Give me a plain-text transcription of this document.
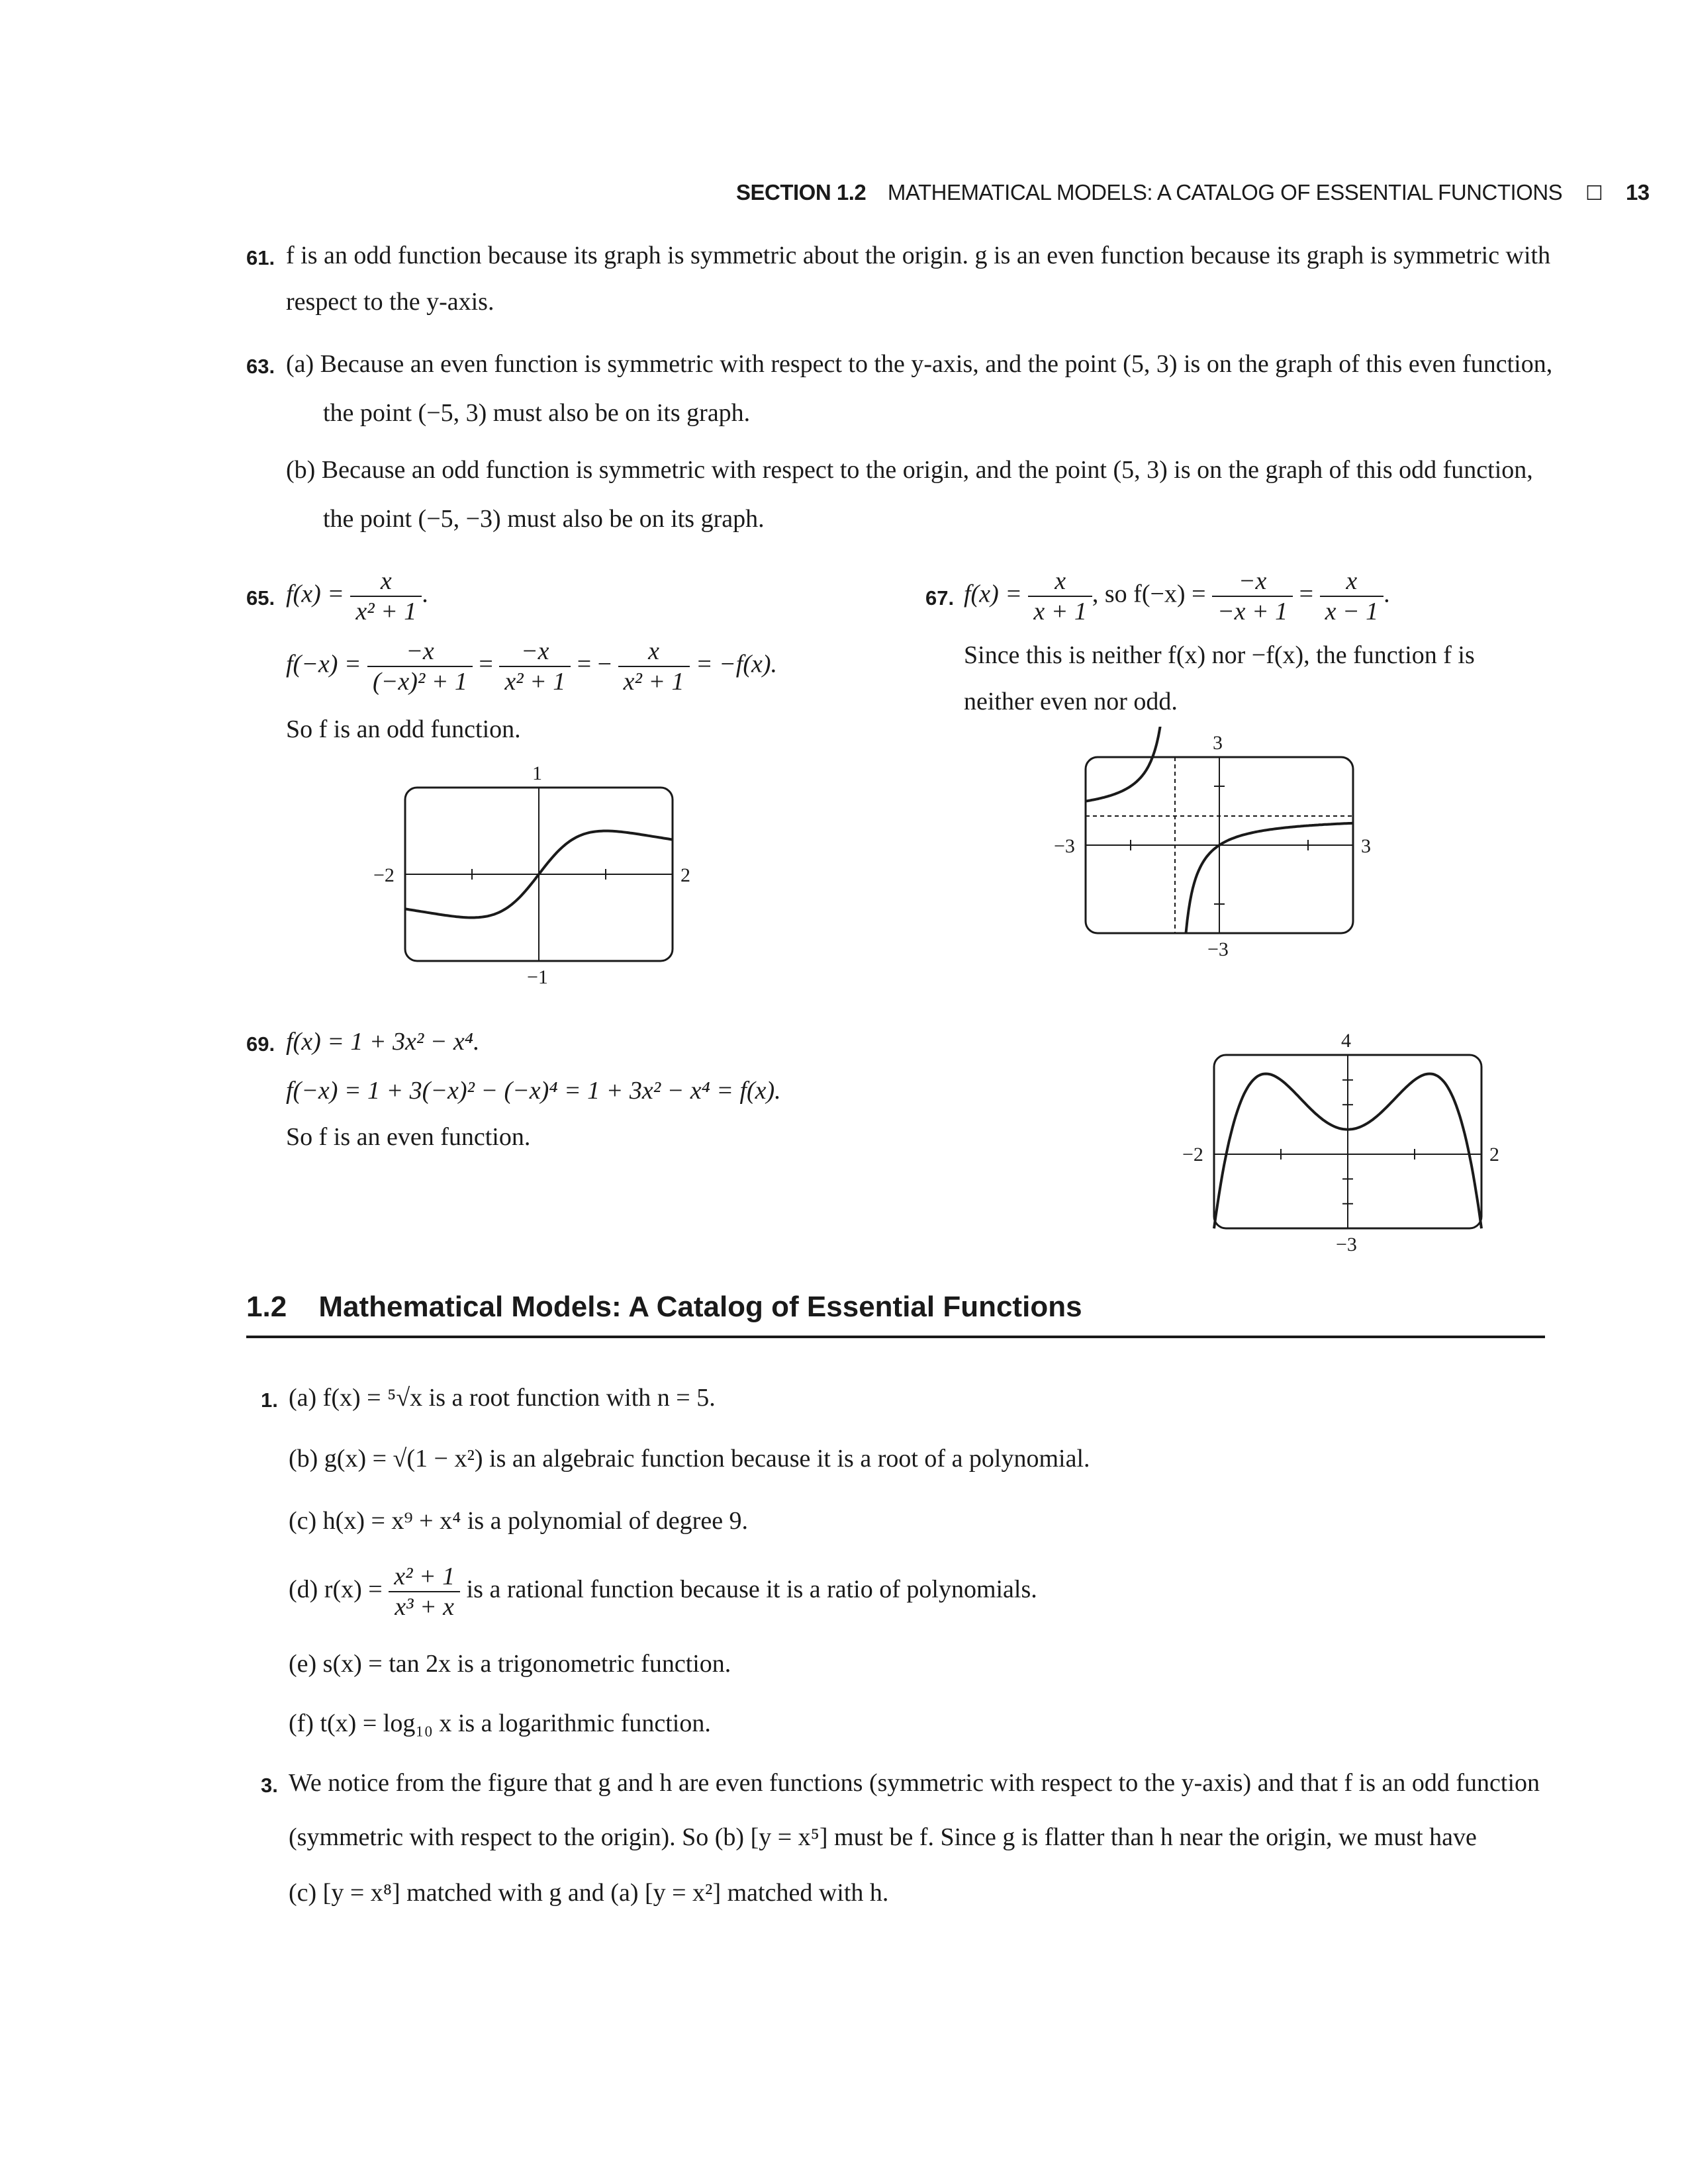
SECTION 1.2 MATHEMATICAL MODELS: A CATALOG OF ESSENTIAL FUNCTIONS ☐ 13
61. f is an odd function because its graph is symmetric about the origin. g is an even function because its graph is symmetric with
respect to the y-axis.
63. (a) Because an even function is symmetric with respect to the y-axis, and the point (5, 3) is on the graph of this even function,
the point (−5, 3) must also be on its graph.
(b) Because an odd function is symmetric with respect to the origin, and the point (5, 3) is on the graph of this odd function,
the point (−5, −3) must also be on its graph.
65. $f(x) = \frac{x}{\text{x² + 1}}$ .
$f(-x) = \frac{-x}{\text{(−x)² + 1}} = \frac{-x}{\text{x² + 1}}$ = − $\frac{x}{\text{x² + 1}} = -f(x)$.
So f is an odd function.
1
−1
−2	2
67. $f(x) = \frac{x}{x + 1}$ , so $f(-x) = \frac{-x}{-x + 1} = \frac{x}{x - 1}$ .
Since this is neither f(x) nor −f(x), the function f is
neither even nor odd.
3
−3
−3	3
69. f(x) = 1 + 3x² − x⁴.
f(−x) = 1 + 3(−x)² − (−x)⁴ = 1 + 3x² − x⁴ = f(x).
So f is an even function.
4
−3
−2	2
1.2 Mathematical Models: A Catalog of Essential Functions
1. (a) f(x) = ⁵√x is a root function with n = 5.
(b) g(x) = √(1 − x²) is an algebraic function because it is a root of a polynomial.
(c) h(x) = x⁹ + x⁴ is a polynomial of degree 9.
(d) $r(x) = \frac{\text{x² + 1}}{\text{x³ + x}}$ is a rational function because it is a ratio of polynomials.
(e) s(x) = tan 2x is a trigonometric function.
(f) t(x) = log₁₀ x is a logarithmic function.
3. We notice from the figure that g and h are even functions (symmetric with respect to the y-axis) and that f is an odd function
(symmetric with respect to the origin). So (b) [y = x⁵] must be f. Since g is flatter than h near the origin, we must have
(c) [y = x⁸] matched with g and (a) [y = x²] matched with h.
